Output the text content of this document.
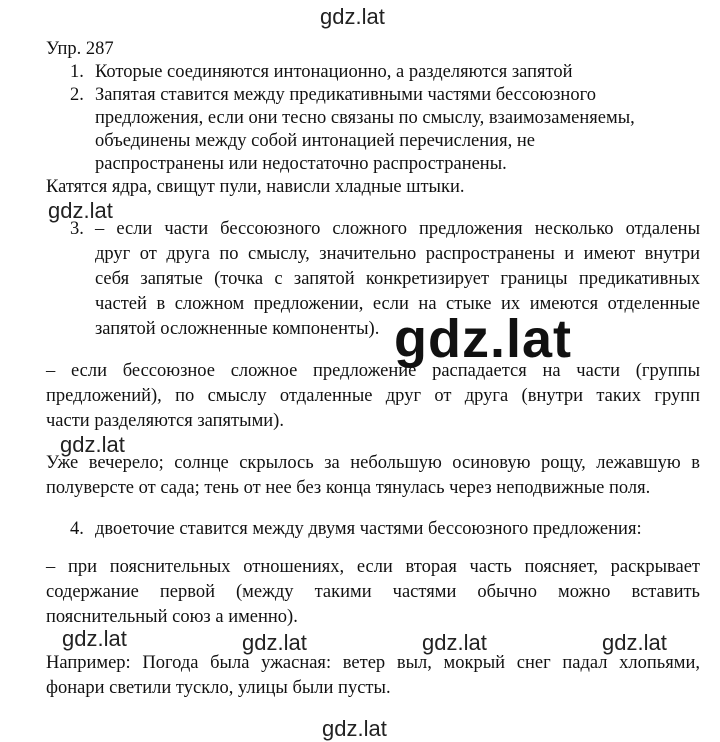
gdz.lat
gdz.lat
gdz.lat
gdz.lat	gdz.lat	gdz.lat	gdz.lat
gdz.lat
Упр. 287
1. Которые соединяются интонационно, а разделяются запятой
2. Запятая ставится между предикативными частями бессоюзного
предложения, если они тесно связаны по смыслу, взаимозаменяемы,
объединены между собой интонацией перечисления, не
распространены или недостаточно распространены.
Катятся ядра, свищут пули, нависли хладные штыки.
3. – если части бессоюзного сложного предложения несколько отдалены
друг от друга по смыслу, значительно распространены и имеют внутри
себя запятые (точка с запятой конкретизирует границы предикативных
частей в сложном предложении, если на стыке их имеются отделенные
запятой осложненные компоненты). gdz.lat
– если бессоюзное сложное предложение распадается на части (группы
предложений), по смыслу отдаленные друг от друга (внутри таких групп
части разделяются запятыми).
Уже вечерело; солнце скрылось за небольшую осиновую рощу, лежавшую в
полуверсте от сада; тень от нее без конца тянулась через неподвижные поля.
4. двоеточие ставится между двумя частями бессоюзного предложения:
– при пояснительных отношениях, если вторая часть поясняет, раскрывает
содержание первой (между такими частями обычно можно вставить
пояснительный союз а именно).
Например: Погода была ужасная: ветер выл, мокрый снег падал хлопьями,
фонари светили тускло, улицы были пусты.
